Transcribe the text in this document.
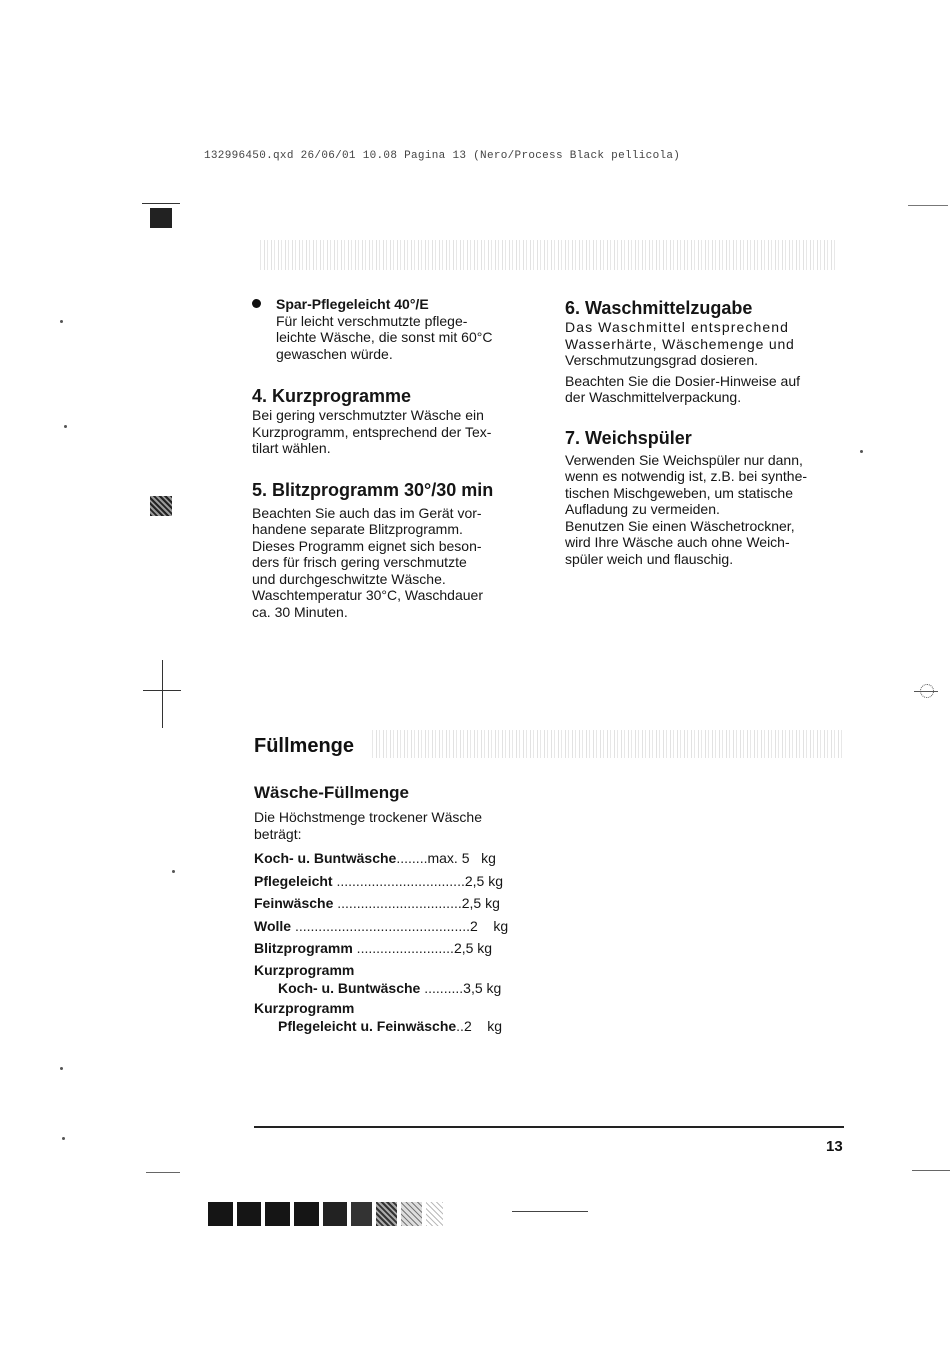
132996450.qxd 26/06/01 10.08 Pagina 13 (Nero/Process Black pellicola)

Spar-Pflegeleicht 40°/E

Für leicht verschmutzte pflege-

leichte Wäsche, die sonst mit 60°C

gewaschen würde.

4. Kurzprogramme

Bei gering verschmutzter Wäsche ein

Kurzprogramm, entsprechend der Tex-

tilart wählen.

5. Blitzprogramm 30°/30 min

Beachten Sie auch das im Gerät vor-

handene separate Blitzprogramm.

Dieses Programm eignet sich beson-

ders für frisch gering verschmutzte

und durchgeschwitzte Wäsche.

Waschtemperatur 30°C, Waschdauer

ca. 30 Minuten.

6. Waschmittelzugabe

Das Waschmittel entsprechend

Wasserhärte, Wäschemenge und

Verschmutzungsgrad dosieren.

Beachten Sie die Dosier-Hinweise auf

der Waschmittelverpackung.

7. Weichspüler

Verwenden Sie Weichspüler nur dann,

wenn es notwendig ist, z.B. bei synthe-

tischen Mischgeweben, um statische

Aufladung zu vermeiden.

Benutzen Sie einen Wäschetrockner,

wird Ihre Wäsche auch ohne Weich-

spüler weich und flauschig.

Füllmenge

Wäsche-Füllmenge

Die Höchstmenge trockener Wäsche

beträgt:

Koch- u. Buntwäsche ........ max. 5   kg
Pflegeleicht ................................. 2,5 kg
Feinwäsche ................................ 2,5 kg
Wolle ............................................. 2    kg
Blitzprogramm ......................... 2,5 kg

Kurzprogramm

Koch- u. Buntwäsche .......... 3,5 kg

Kurzprogramm

Pflegeleicht u. Feinwäsche .. 2    kg
13
